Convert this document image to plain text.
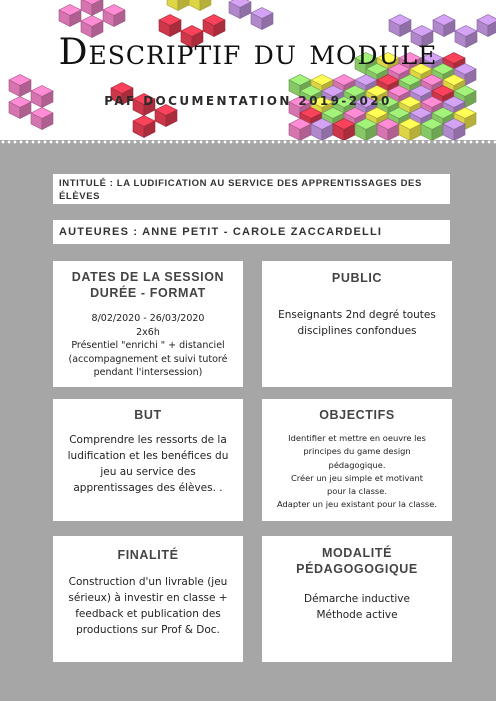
Descriptif du module
PAF DOCUMENTATION 2019-2020
INTITULÉ : LA LUDIFICATION AU SERVICE DES APPRENTISSAGES DES ÉLÈVES
AUTEURES : ANNE PETIT - CAROLE ZACCARDELLI
DATES DE LA SESSION
DURÉE - FORMAT
8/02/2020 - 26/03/2020
2x6h
Présentiel "enrichi " + distanciel
(accompagnement et suivi tutoré
pendant l'intersession)
PUBLIC
Enseignants 2nd degré toutes
disciplines confondues
BUT
Comprendre les ressorts de la
ludification et les benéfices du
jeu au service des
apprentissages des élèves. .
OBJECTIFS
Identifier et mettre en oeuvre les
principes du game design
pédagogique.
Créer un jeu simple et motivant
pour la classe.
Adapter un jeu existant pour la classe.
FINALITÉ
Construction d'un livrable (jeu
sérieux) à investir en classe +
feedback et publication des
productions sur Prof & Doc.
MODALITÉ
PÉDAGOGOGIQUE
Démarche inductive
Méthode active
